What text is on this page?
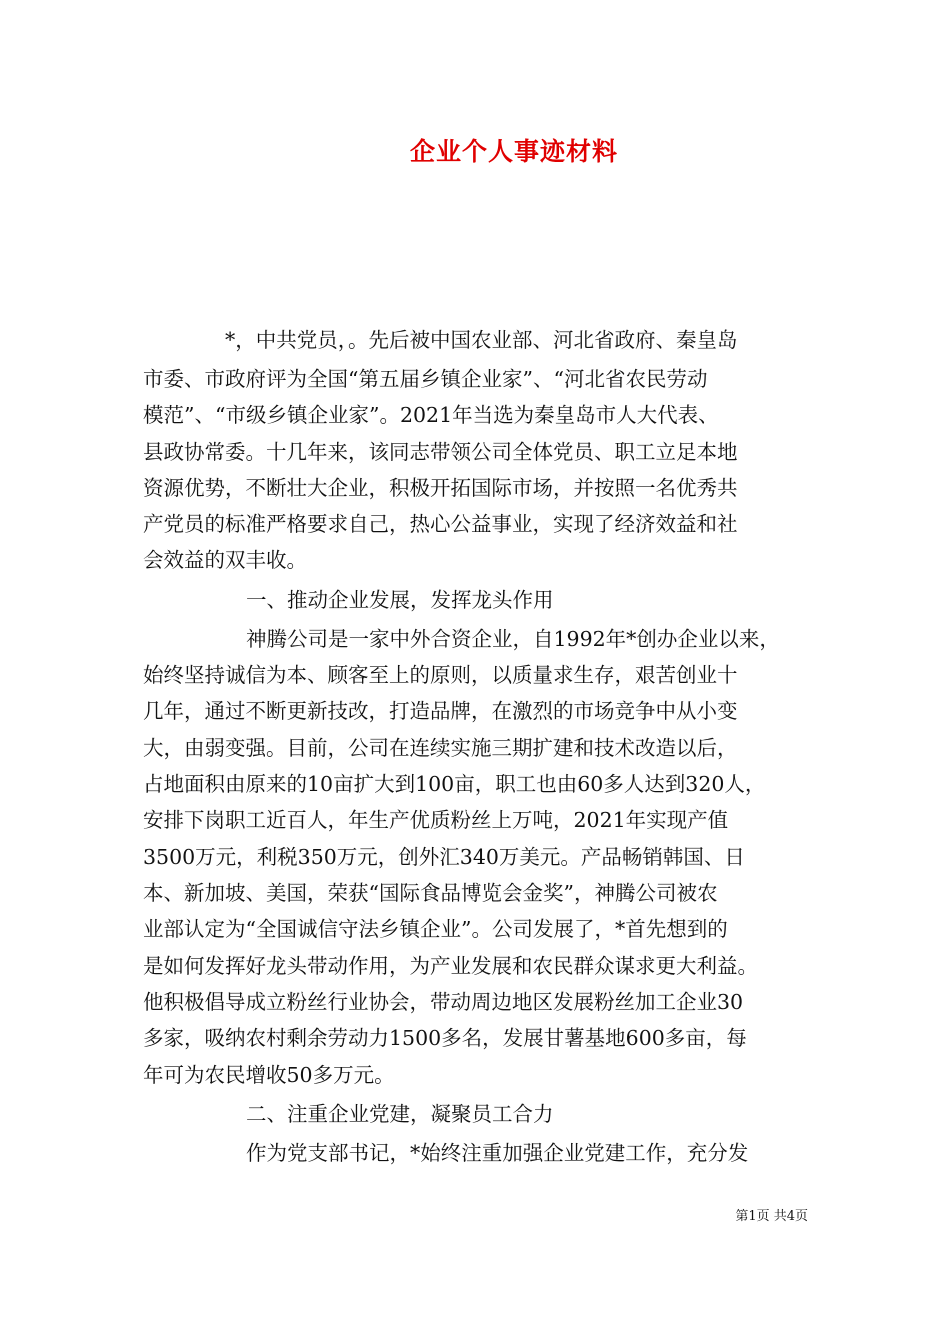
企业个人事迹材料
*，中共党员，。先后被中国农业部、河北省政府、秦皇岛
市委、市政府评为全国“第五届乡镇企业家”、“河北省农民劳动
模范”、“市级乡镇企业家”。2021年当选为秦皇岛市人大代表、
县政协常委。十几年来，该同志带领公司全体党员、职工立足本地
资源优势，不断壮大企业，积极开拓国际市场，并按照一名优秀共
产党员的标准严格要求自己，热心公益事业，实现了经济效益和社
会效益的双丰收。
一、推动企业发展，发挥龙头作用
神腾公司是一家中外合资企业，自1992年*创办企业以来，
始终坚持诚信为本、顾客至上的原则，以质量求生存，艰苦创业十
几年，通过不断更新技改，打造品牌，在激烈的市场竞争中从小变
大，由弱变强。目前，公司在连续实施三期扩建和技术改造以后，
占地面积由原来的10亩扩大到100亩，职工也由60多人达到320人，
安排下岗职工近百人，年生产优质粉丝上万吨，2021年实现产值
3500万元，利税350万元，创外汇340万美元。产品畅销韩国、日
本、新加坡、美国，荣获“国际食品博览会金奖”，神腾公司被农
业部认定为“全国诚信守法乡镇企业”。公司发展了，*首先想到的
是如何发挥好龙头带动作用，为产业发展和农民群众谋求更大利益。
他积极倡导成立粉丝行业协会，带动周边地区发展粉丝加工企业30
多家，吸纳农村剩余劳动力1500多名，发展甘薯基地600多亩，每
年可为农民增收50多万元。
二、注重企业党建，凝聚员工合力
作为党支部书记，*始终注重加强企业党建工作，充分发
第1页 共4页
